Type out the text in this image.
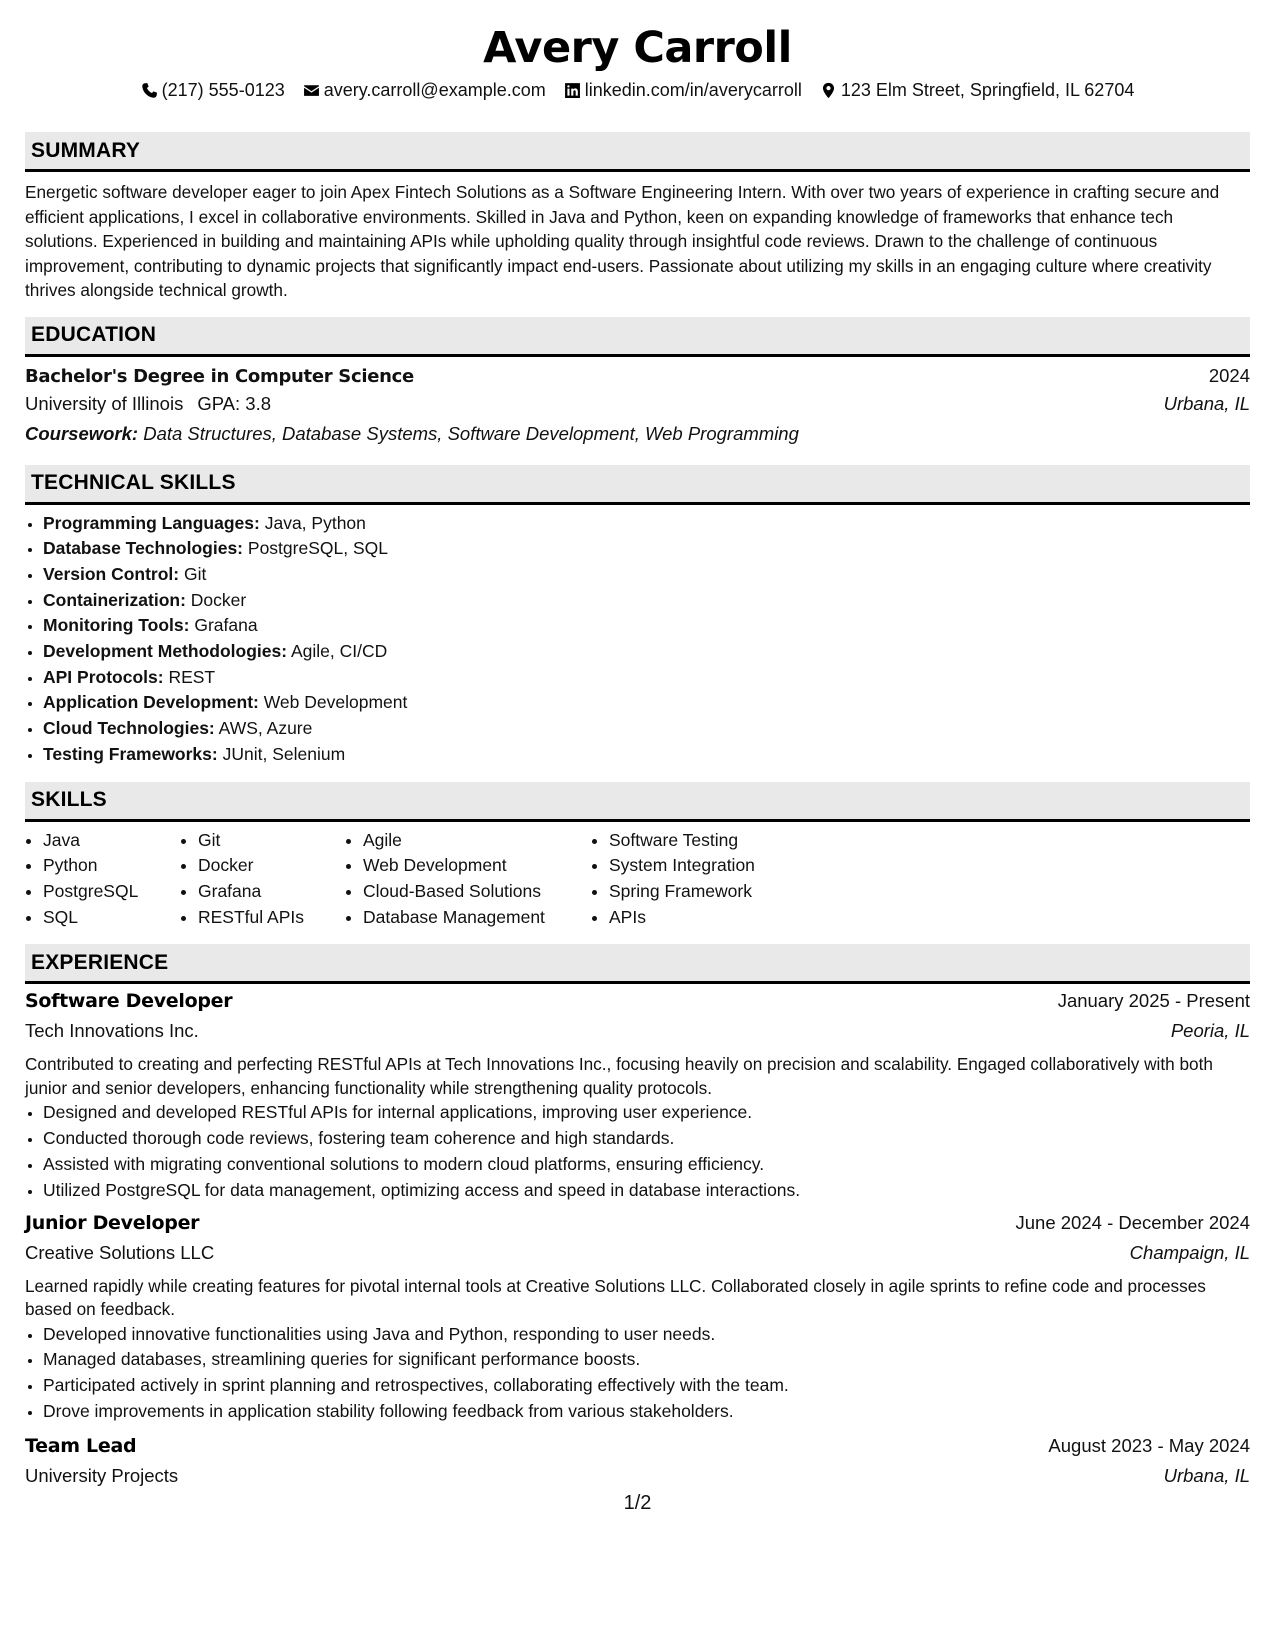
Avery Carroll
(217) 555-0123 avery.carroll@example.com linkedin.com/in/averycarroll 123 Elm Street, Springfield, IL 62704
SUMMARY
Energetic software developer eager to join Apex Fintech Solutions as a Software Engineering Intern. With over two years of experience in crafting secure and efficient applications, I excel in collaborative environments. Skilled in Java and Python, keen on expanding knowledge of frameworks that enhance tech solutions. Experienced in building and maintaining APIs while upholding quality through insightful code reviews. Drawn to the challenge of continuous improvement, contributing to dynamic projects that significantly impact end-users. Passionate about utilizing my skills in an engaging culture where creativity thrives alongside technical growth.
EDUCATION
Bachelor's Degree in Computer Science	2024
University of Illinois GPA: 3.8	Urbana, IL
Coursework: Data Structures, Database Systems, Software Development, Web Programming
TECHNICAL SKILLS
• Programming Languages: Java, Python
• Database Technologies: PostgreSQL, SQL
• Version Control: Git
• Containerization: Docker
• Monitoring Tools: Grafana
• Development Methodologies: Agile, CI/CD
• API Protocols: REST
• Application Development: Web Development
• Cloud Technologies: AWS, Azure
• Testing Frameworks: JUnit, Selenium
SKILLS
• Java
• Python
• PostgreSQL
• SQL
• Git
• Docker
• Grafana
• RESTful APIs
• Agile
• Web Development
• Cloud-Based Solutions
• Database Management
• Software Testing
• System Integration
• Spring Framework
• APIs
EXPERIENCE
Software Developer	January 2025 - Present
Tech Innovations Inc.	Peoria, IL
Contributed to creating and perfecting RESTful APIs at Tech Innovations Inc., focusing heavily on precision and scalability. Engaged collaboratively with both junior and senior developers, enhancing functionality while strengthening quality protocols.
• Designed and developed RESTful APIs for internal applications, improving user experience.
• Conducted thorough code reviews, fostering team coherence and high standards.
• Assisted with migrating conventional solutions to modern cloud platforms, ensuring efficiency.
• Utilized PostgreSQL for data management, optimizing access and speed in database interactions.
Junior Developer	June 2024 - December 2024
Creative Solutions LLC	Champaign, IL
Learned rapidly while creating features for pivotal internal tools at Creative Solutions LLC. Collaborated closely in agile sprints to refine code and processes based on feedback.
• Developed innovative functionalities using Java and Python, responding to user needs.
• Managed databases, streamlining queries for significant performance boosts.
• Participated actively in sprint planning and retrospectives, collaborating effectively with the team.
• Drove improvements in application stability following feedback from various stakeholders.
Team Lead	August 2023 - May 2024
University Projects	Urbana, IL
1/2
